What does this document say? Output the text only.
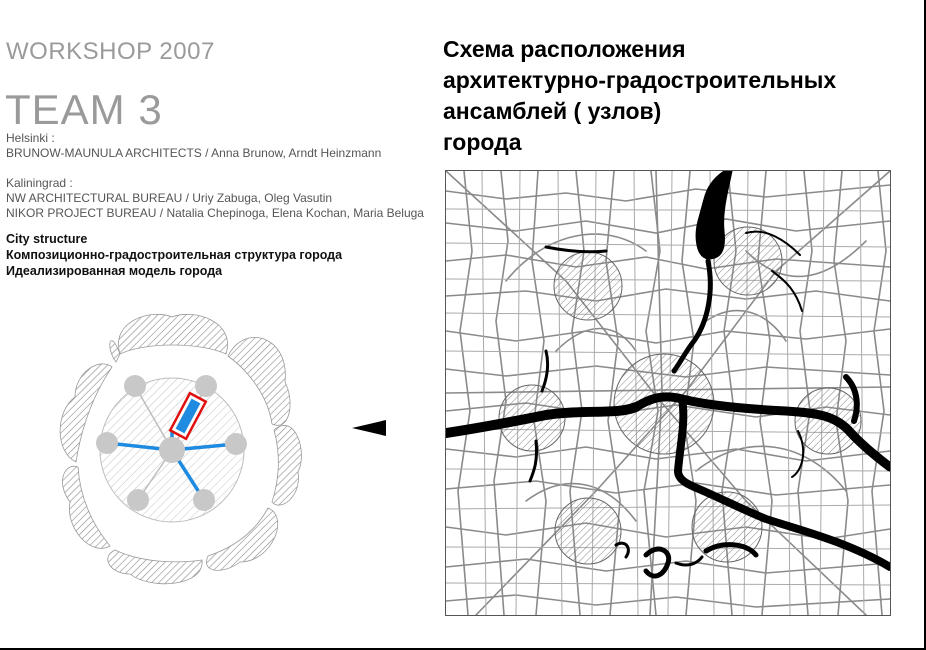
WORKSHOP 2007
TEAM 3
Helsinki :
BRUNOW-MAUNULA ARCHITECTS / Anna Brunow, Arndt Heinzmann
Kaliningrad :
NW ARCHITECTURAL BUREAU / Uriy Zabuga, Oleg Vasutin
NIKOR PROJECT BUREAU / Natalia Chepinoga, Elena Kochan, Maria Beluga
City structure
Композиционно-градостроительная структура города
Идеализированная модель города
Схема расположения
архитектурно-градостроительных
ансамблей ( узлов)
города
